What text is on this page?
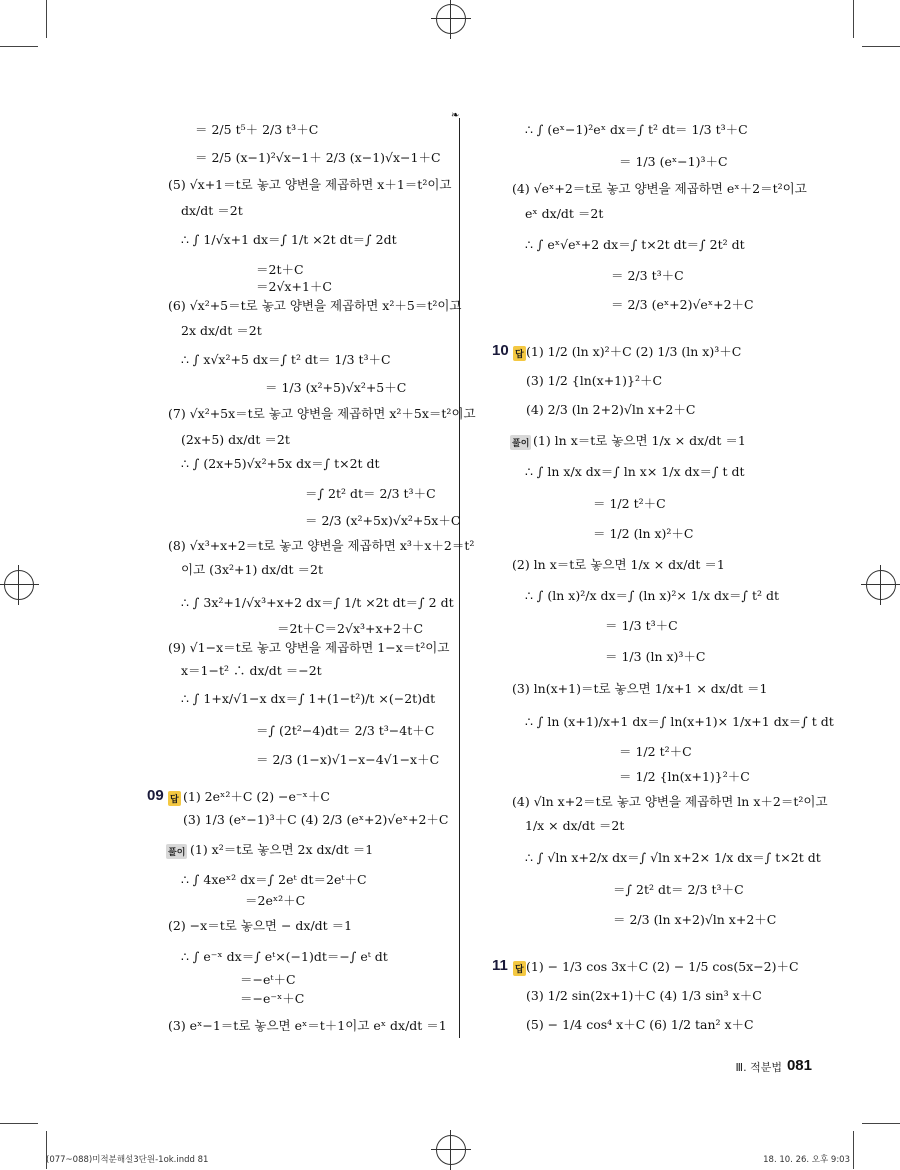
❧
＝ 2/5 t⁵＋ 2/3 t³＋C
＝ 2/5 (x−1)²√x−1＋ 2/3 (x−1)√x−1＋C
(5) √x+1＝t로 놓고 양변을 제곱하면 x＋1＝t²이고
dx/dt ＝2t
∴ ∫ 1/√x+1 dx＝∫ 1/t ×2t dt＝∫ 2dt
＝2t＋C
＝2√x+1＋C
(6) √x²+5＝t로 놓고 양변을 제곱하면 x²＋5＝t²이고
2x dx/dt ＝2t
∴ ∫ x√x²+5 dx＝∫ t² dt＝ 1/3 t³＋C
＝ 1/3 (x²+5)√x²+5＋C
(7) √x²+5x＝t로 놓고 양변을 제곱하면 x²＋5x＝t²이고
(2x+5) dx/dt ＝2t
∴ ∫ (2x+5)√x²+5x dx＝∫ t×2t dt
＝∫ 2t² dt＝ 2/3 t³＋C
＝ 2/3 (x²+5x)√x²+5x＋C
(8) √x³+x+2＝t로 놓고 양변을 제곱하면 x³＋x＋2＝t²
이고 (3x²+1) dx/dt ＝2t
∴ ∫ 3x²+1/√x³+x+2 dx＝∫ 1/t ×2t dt＝∫ 2 dt
＝2t＋C＝2√x³+x+2＋C
(9) √1−x＝t로 놓고 양변을 제곱하면 1−x＝t²이고
x＝1−t² ∴ dx/dt ＝−2t
∴ ∫ 1+x/√1−x dx＝∫ 1+(1−t²)/t ×(−2t)dt
＝∫ (2t²−4)dt＝ 2/3 t³−4t＋C
＝ 2/3 (1−x)√1−x−4√1−x＋C
(1) 2eˣ²＋C (2) −e⁻ˣ＋C
(3) 1/3 (eˣ−1)³＋C (4) 2/3 (eˣ+2)√eˣ+2＋C
(1) x²＝t로 놓으면 2x dx/dt ＝1
∴ ∫ 4xeˣ² dx＝∫ 2eᵗ dt＝2eᵗ＋C
＝2eˣ²＋C
(2) −x＝t로 놓으면 − dx/dt ＝1
∴ ∫ e⁻ˣ dx＝∫ eᵗ×(−1)dt＝−∫ eᵗ dt
＝−eᵗ＋C
＝−e⁻ˣ＋C
(3) eˣ−1＝t로 놓으면 eˣ＝t＋1이고 eˣ dx/dt ＝1
∴ ∫ (eˣ−1)²eˣ dx＝∫ t² dt＝ 1/3 t³＋C
＝ 1/3 (eˣ−1)³＋C
(4) √eˣ+2＝t로 놓고 양변을 제곱하면 eˣ＋2＝t²이고
eˣ dx/dt ＝2t
∴ ∫ eˣ√eˣ+2 dx＝∫ t×2t dt＝∫ 2t² dt
＝ 2/3 t³＋C
＝ 2/3 (eˣ+2)√eˣ+2＋C
(1) 1/2 (ln x)²＋C (2) 1/3 (ln x)³＋C
(3) 1/2 {ln(x+1)}²＋C
(4) 2/3 (ln 2+2)√ln x+2＋C
(1) ln x＝t로 놓으면 1/x × dx/dt ＝1
∴ ∫ ln x/x dx＝∫ ln x× 1/x dx＝∫ t dt
＝ 1/2 t²＋C
＝ 1/2 (ln x)²＋C
(2) ln x＝t로 놓으면 1/x × dx/dt ＝1
∴ ∫ (ln x)²/x dx＝∫ (ln x)²× 1/x dx＝∫ t² dt
＝ 1/3 t³＋C
＝ 1/3 (ln x)³＋C
(3) ln(x+1)＝t로 놓으면 1/x+1 × dx/dt ＝1
∴ ∫ ln (x+1)/x+1 dx＝∫ ln(x+1)× 1/x+1 dx＝∫ t dt
＝ 1/2 t²＋C
＝ 1/2 {ln(x+1)}²＋C
(4) √ln x+2＝t로 놓고 양변을 제곱하면 ln x＋2＝t²이고
1/x × dx/dt ＝2t
∴ ∫ √ln x+2/x dx＝∫ √ln x+2× 1/x dx＝∫ t×2t dt
＝∫ 2t² dt＝ 2/3 t³＋C
＝ 2/3 (ln x+2)√ln x+2＋C
(1) − 1/3 cos 3x＋C (2) − 1/5 cos(5x−2)＋C
(3) 1/2 sin(2x+1)＋C (4) 1/3 sin³ x＋C
(5) − 1/4 cos⁴ x＋C (6) 1/2 tan² x＋C
09 답
10 답
11 답
풀이
풀이
(077~088)미적분해설3단원-1ok.indd 81	18. 10. 26. 오후 9:03
Ⅲ. 적분법 081
